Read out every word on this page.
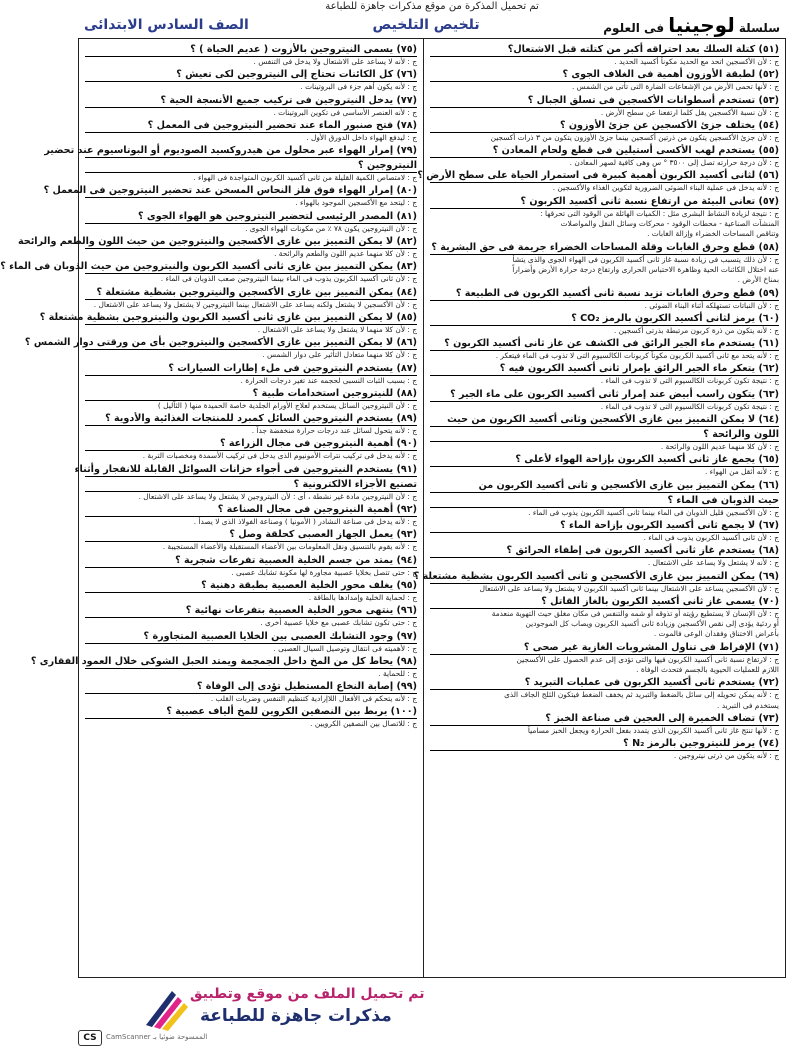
تم تحميل المذكرة من موقع مذكرات جاهزة للطباعة
سلسلة لوجينيا فى العلوم
تلخيص التلخيص
الصف السادس الابتدائى
(٥١) كتلة السلك بعد احتراقه أكبر من كتلته قبل الاشتعال؟
ج : لأن الأكسجين اتحد مع الحديد مكوناً أكسيد الحديد .
(٥٢) لطبقة الأوزون أهمية فى الغلاف الجوى ؟
ج : لأنها تحمى الأرض من الإشعاعات الضارة التى تأتى من الشمس .
(٥٣) تستخدم أسطوانات الأكسجين فى تسلق الجبال ؟
ج : لأن نسبة الأكسجين يقل كلما ارتفعنا عن سطح الأرض .
(٥٤) يختلف جزئ الأكسجين عن جزئ الأوزون ؟
ج : لأن جزئ الأكسجين يتكون من ذرتين أكسجين بينما جزئ الأوزون يتكون من ٣ ذرات أكسجين
(٥٥) يستخدم لهب الأكسى أستيلين فى قطع ولحام المعادن ؟
ج : لأن درجة حرارته تصل إلى ٣٥٠٠ ° س وهى كافية لصهر المعادن .
(٥٦) لثانى أكسيد الكربون أهمية كبيرة فى استمرار الحياة على سطح الأرض ؟
ج : لأنه يدخل فى عملية البناء الضوئى الضرورية لتكوين الغذاء والأكسجين .
(٥٧) تعانى البيئة من ارتفاع نسبة ثانى أكسيد الكربون ؟
ج : نتيجة لزيادة النشاط البشرى مثل : الكميات الهائلة من الوقود التى تحرقها :
المنشآت الصناعية - محطات الوقود - محركات وسائل النقل والمواصلات
وتناقص المساحات الخضراء وإزالة الغابات .
(٥٨) قطع وحرق الغابات وقلة المساحات الخضراء جريمة فى حق البشرية ؟
ج : لأن ذلك يتسبب فى زيادة نسبة غاز ثانى أكسيد الكربون فى الهواء الجوى والذى يتشأ
عنه اختلال الكائنات الحية وظاهرة الاحتباس الحرارى وارتفاع درجة حرارة الأرض وأضراراً
بمناخ الأرض .
(٥٩) قطع وحرق الغابات تزيد نسبة ثانى أكسيد الكربون فى الطبيعة ؟
ج : لأن النباتات تستهلكه أثناء البناء الضوئى .
(٦٠) يرمز لثانى أكسيد الكربون بالرمز CO₂ ؟
ج : لأنه يتكون من ذرة كربون مرتبطة بذرتى أكسجين .
(٦١) يستخدم ماء الجير الرائق فى الكشف عن غاز ثانى أكسيد الكربون ؟
ج : لأنه يتحد مع ثانى أكسيد الكربون مكوناً كربونات الكالسيوم التى لا تذوب فى الماء فيتعكر .
(٦٢) يتعكر ماء الجير الرائق بإمرار ثانى أكسيد الكربون فيه ؟
ج : نتيجة تكون كربونات الكالسيوم التى لا تذوب فى الماء .
(٦٣) يتكون راسب أبيض عند إمرار ثانى أكسيد الكربون على ماء الجير ؟
ج : نتيجة تكون كربونات الكالسيوم التى لا تذوب فى الماء .
(٦٤) لا يمكن التمييز بين غازى الأكسجين وثانى أكسيد الكربون من حيث
اللون والرائحة ؟
ج : لأن كلا منهما عديم اللون والرائحة .
(٦٥) يجمع غاز ثانى أكسيد الكربون بإزاحة الهواء لأعلى ؟
ج : لأنه أثقل من الهواء .
(٦٦) يمكن التمييز بين غازى الأكسجين و ثانى أكسيد الكربون من
حيث الذوبان فى الماء ؟
ج : لأن الأكسجين قليل الذوبان فى الماء بينما ثانى أكسيد الكربون يذوب فى الماء .
(٦٧) لا يجمع ثانى أكسيد الكربون بإزاحة الماء ؟
ج : لأن ثانى أكسيد الكربون يذوب فى الماء .
(٦٨) يستخدم غاز ثانى أكسيد الكربون فى إطفاء الحرائق ؟
ج : لأنه لا يشتعل ولا يساعد على الاشتعال .
(٦٩) يمكن التمييز بين غازى الأكسجين و ثانى أكسيد الكربون بشظية مشتعلة ؟
ج : لأن الأكسجين يساعد على الاشتعال بينما ثانى أكسيد الكربون لا يشتعل ولا يساعد على الاشتعال
(٧٠) يسمى غاز ثانى أكسيد الكربون بالغاز القاتل ؟
ج : لأن الإنسان لا يستطيع رؤيته أو تذوقه أو شمه والتنفس فى مكان مغلق حيث التهوية منعدمة
أو ردئية يؤدى إلى نقص الأكسجين وزيادة ثانى أكسيد الكربون ويصاب كل الموجودين
بأعراض الاختناق وفقدان الوعى فالموت .
(٧١) الإفراط فى تناول المشروبات الغازية غير صحى ؟
ج : لارتفاع نسبة ثانى أكسيد الكربون فيها والتى تؤدى إلى عدم الحصول على الأكسجين
اللازم للعمليات الحيوية بالجسم فتحدث الوفاة .
(٧٢) يستخدم ثانى أكسيد الكربون فى عمليات التبريد ؟
ج : لأنه يمكن تحويله إلى سائل بالضغط والتبريد ثم يخفف الضغط فيتكون الثلج الجاف الذى
يستخدم فى التبريد .
(٧٣) تضاف الخميرة إلى العجين فى صناعة الخبز ؟
ج : لأنها تنتج غاز ثانى أكسيد الكربون الذى يتمدد بفعل الحرارة ويجعل الخبز مسامياً
(٧٤) يرمز للنيتروجين بالرمز N₂ ؟
ج : لأنه يتكون من ذرتى نيتروجين .
(٧٥) يسمى النيتروجين بالأزوت ( عديم الحياة ) ؟
ج : لأنه لا يساعد على الاشتعال ولا يدخل فى التنفس .
(٧٦) كل الكائنات تحتاج إلى النيتروجين لكى تعيش ؟
ج : لأنه يكون أهم جزء فى البروتينات .
(٧٧) يدخل النيتروجين فى تركيب جميع الأنسجة الحية ؟
ج : لأنه العنصر الأساسى فى تكوين البروتينات .
(٧٨) فتح صنبور الماء عند تحضير النيتروجين فى المعمل ؟
ج : ليدفع الهواء داخل الدورق الأول .
(٧٩) إمرار الهواء عبر محلول من هيدروكسيد الصوديوم أو البوتاسيوم عند تحضير
النيتروجين ؟
ج : لامتصاص الكمية القليلة من ثانى أكسيد الكربون المتواجدة فى الهواء .
(٨٠) إمرار الهواء فوق فلز النحاس المسخن عند تحضير النيتروجين فى المعمل ؟
ج : ليتحد مع الأكسجين الموجود بالهواء .
(٨١) المصدر الرئيسى لتحضير النيتروجين هو الهواء الجوى ؟
ج : لأن النيتروجين يكون ٧٨ ٪ من مكونات الهواء الجوى .
(٨٢) لا يمكن التمييز بين غازى الأكسجين والنيتروجين من حيث اللون والطعم والرائحة
ج : لأن كلا منهما عديم اللون والطعم والرائحة .
(٨٣) يمكن التمييز بين غازى ثانى أكسيد الكربون والنيتروجين من حيث الذوبان فى الماء ؟
ج : لأن ثانى أكسيد الكربون يذوب فى الماء بينما النيتروجين صعب الذوبان فى الماء .
(٨٤) يمكن التمييز بين غازى الأكسجين والنيتروجين بشظية مشتعلة ؟
ج : لأن الأكسجين لا يشتعل ولكنه يساعد على الاشتعال بينما النيتروجين لا يشتعل ولا يساعد على الاشتعال .
(٨٥) لا يمكن التمييز بين غازى ثانى أكسيد الكربون والنيتروجين بشظية مشتعلة ؟
ج : لأن كلا منهما لا يشتعل ولا يساعد على الاشتعال .
(٨٦) لا يمكن التمييز بين غازى الأكسجين والنيتروجين بأى من ورقتى دوار الشمس ؟
ج : لأن كلا منهما متعادل التأثير على دوار الشمس .
(٨٧) يستخدم النيتروجين فى ملء إطارات السيارات ؟
ج : بسبب الثبات النسبى لحجمه عند تغير درجات الحرارة .
(٨٨) للنيتروجين استخدامات طبية ؟
ج : لأن النيتروجين السائل يستخدم لعلاج الأورام الجلدية خاصة الحميدة منها ( الثآليل )
(٨٩) يستخدم النيتروجين السائل كمبرد للمنتجات الغذائية والأدوية ؟
ج : لأنه يتحول لسائل عند درجات حرارة منخفضة جداً .
(٩٠) أهمية النيتروجين فى مجال الزراعة ؟
ج : لأنه يدخل فى تركيب نترات الأمونيوم الذى يدخل فى تركيب الأسمدة ومخصبات التربة .
(٩١) يستخدم النيتروجين فى أجواء خزانات السوائل القابلة للانفجار وأثناء
تصنيع الأجزاء الالكترونية ؟
ج : لأن النيتروجين مادة غير نشطة ، أى : لأن النيتروجين لا يشتعل ولا يساعد على الاشتعال .
(٩٢) أهمية النيتروجين فى مجال الصناعة ؟
ج : لأنه يدخل فى صناعة النشادر ( الأمونيا ) وصناعة الفولاذ الذى لا يصدأ .
(٩٣) يعمل الجهاز العصبى كحلقة وصل ؟
ج : لأنه يقوم بالتنسيق ونقل المعلومات بين الأعضاء المستقبلة والأعضاء المستجيبة .
(٩٤) يمتد من جسم الخلية العصبية تفرعات شجرية ؟
ج : حتى تتصل بخلايا عصبية مجاورة لها مكونة تشابك عصبى .
(٩٥) يغلف محور الخلية العصبية بطبقة دهنية ؟
ج : لحماية الخلية وإمدادها بالطاقة .
(٩٦) ينتهى محور الخلية العصبية بتفرعات نهائية ؟
ج : حتى تكون تشابك عصبى مع خلايا عصبية أخرى .
(٩٧) وجود التشابك العصبى بين الخلايا العصبية المتجاورة ؟
ج : لأهميته فى انتقال وتوصيل السيال العصبى .
(٩٨) يحاط كل من المخ داخل الجمجمة ويمتد الحبل الشوكى خلال العمود الفقارى ؟
ج : للحماية .
(٩٩) إصابة النخاع المستطيل تؤدى إلى الوفاة ؟
ج : لأنه يتحكم فى الأفعال اللاإرادية كتنظيم التنفس وضربات القلب .
(١٠٠) يربط بين النصفين الكروين للمخ ألياف عصبية ؟
ج : للاتصال بين النصفين الكرويين .
تم تحميل الملف من موقع وتطبيق
مذكرات جاهزة للطباعة
CS	الممسوحة ضوئيا بـ CamScanner
